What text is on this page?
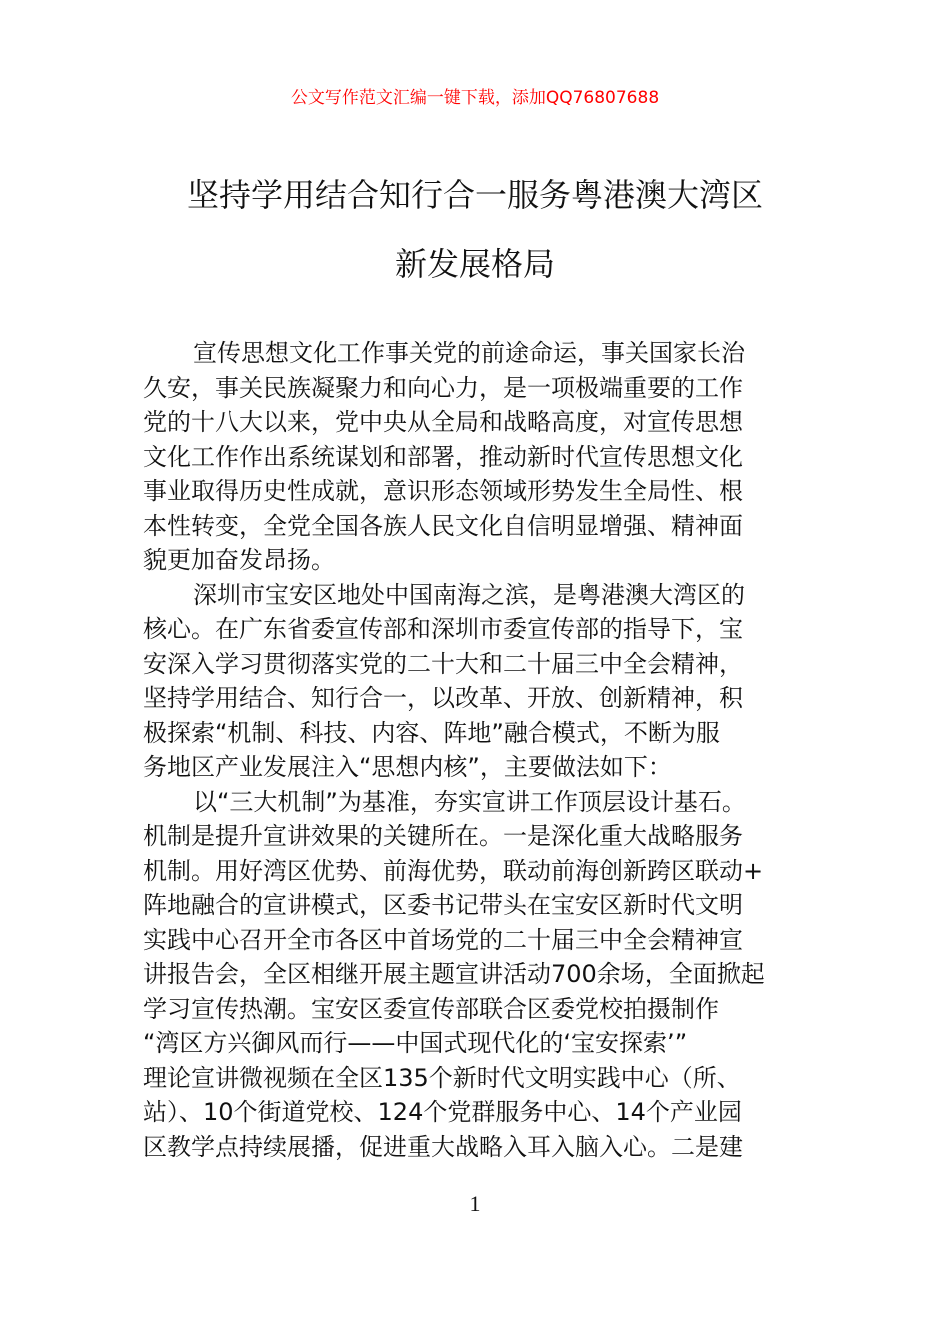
公文写作范文汇编一键下载，添加QQ76807688
坚持学用结合知行合一服务粤港澳大湾区
新发展格局
宣传思想文化工作事关党的前途命运，事关国家长治
久安，事关民族凝聚力和向心力，是一项极端重要的工作
党的十八大以来，党中央从全局和战略高度，对宣传思想
文化工作作出系统谋划和部署，推动新时代宣传思想文化
事业取得历史性成就，意识形态领域形势发生全局性、根
本性转变，全党全国各族人民文化自信明显增强、精神面
貌更加奋发昂扬。
深圳市宝安区地处中国南海之滨，是粤港澳大湾区的
核心。在广东省委宣传部和深圳市委宣传部的指导下，宝
安深入学习贯彻落实党的二十大和二十届三中全会精神，
坚持学用结合、知行合一，以改革、开放、创新精神，积
极探索“机制、科技、内容、阵地”融合模式，不断为服
务地区产业发展注入“思想内核”，主要做法如下：
以“三大机制”为基准，夯实宣讲工作顶层设计基石。
机制是提升宣讲效果的关键所在。一是深化重大战略服务
机制。用好湾区优势、前海优势，联动前海创新跨区联动+
阵地融合的宣讲模式，区委书记带头在宝安区新时代文明
实践中心召开全市各区中首场党的二十届三中全会精神宣
讲报告会，全区相继开展主题宣讲活动700余场，全面掀起
学习宣传热潮。宝安区委宣传部联合区委党校拍摄制作
“湾区方兴御风而行——中国式现代化的‘宝安探索’”
理论宣讲微视频在全区135个新时代文明实践中心（所、
站）、10个街道党校、124个党群服务中心、14个产业园
区教学点持续展播，促进重大战略入耳入脑入心。二是建
1
